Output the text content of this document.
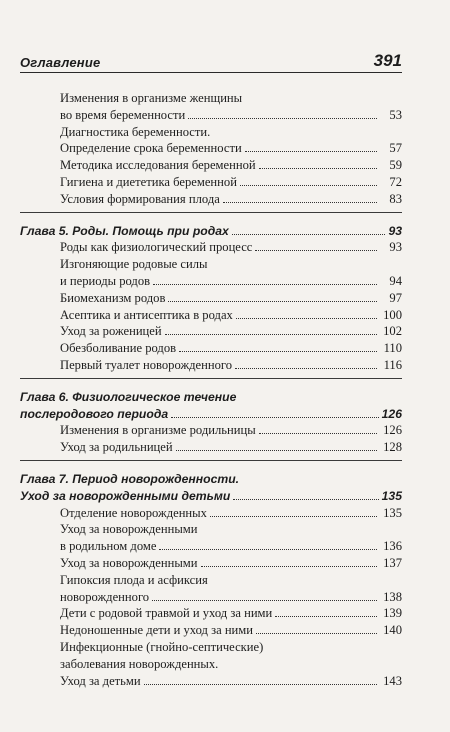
Оглавление	391
Изменения в организме женщины
во время беременности	53
Диагностика беременности.
Определение срока беременности	57
Методика исследования беременной	59
Гигиена и диететика беременной	72
Условия формирования плода	83
Глава 5. Роды. Помощь при родах	93
Роды как физиологический процесс	93
Изгоняющие родовые силы
и периоды родов	94
Биомеханизм родов	97
Асептика и антисептика в родах	100
Уход за роженицей	102
Обезболивание родов	110
Первый туалет новорожденного	116
Глава 6. Физиологическое течение
послеродового периода	126
Изменения в организме родильницы	126
Уход за родильницей	128
Глава 7. Период новорожденности.
Уход за новорожденными детьми	135
Отделение новорожденных	135
Уход за новорожденными
в родильном доме	136
Уход за новорожденными	137
Гипоксия плода и асфиксия
новорожденного	138
Дети с родовой травмой и уход за ними	139
Недоношенные дети и уход за ними	140
Инфекционные (гнойно-септические)
заболевания новорожденных.
Уход за детьми	143
